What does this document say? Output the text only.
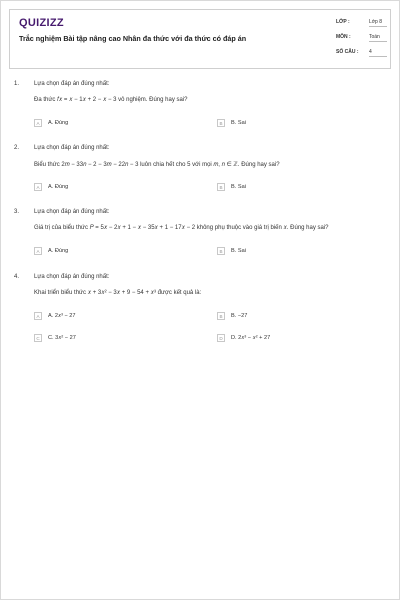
QUIZIZZ
Trắc nghiệm Bài tập nâng cao Nhân đa thức với đa thức có đáp án
LỚP :	Lớp 8
MÔN :	Toán
SỐ CÂU : 4
1. Lựa chọn đáp án đúng nhất:
Đa thức 𝑓𝑥 = 𝑥 − 1𝑥 + 2 − 𝑥 − 3 vô nghiệm. Đúng hay sai?
A	A. Đúng	B	B. Sai
2. Lựa chọn đáp án đúng nhất:
Biểu thức 2𝑚 − 33𝑛 − 2 − 3𝑚 − 22𝑛 − 3 luôn chia hết cho 5 với mọi 𝑚, 𝑛 ∈ ℤ. Đúng hay sai?
A	A. Đúng	B	B. Sai
3. Lựa chọn đáp án đúng nhất:
Giá trị của biểu thức 𝑃 = 5𝑥 − 2𝑥 + 1 − 𝑥 − 35𝑥 + 1 − 17𝑥 − 2 không phụ thuộc vào giá trị biến 𝑥. Đúng hay sai?
A	A. Đúng	B	B. Sai
4. Lựa chọn đáp án đúng nhất:
Khai triển biểu thức 𝑥 + 3𝑥² − 3𝑥 + 9 − 54 + 𝑥³ được kết quả là:
A	A. 2𝑥³ − 27	B	B. −27
C	C. 3𝑥² − 27	D	D. 2𝑥³ − 𝑥² + 27
